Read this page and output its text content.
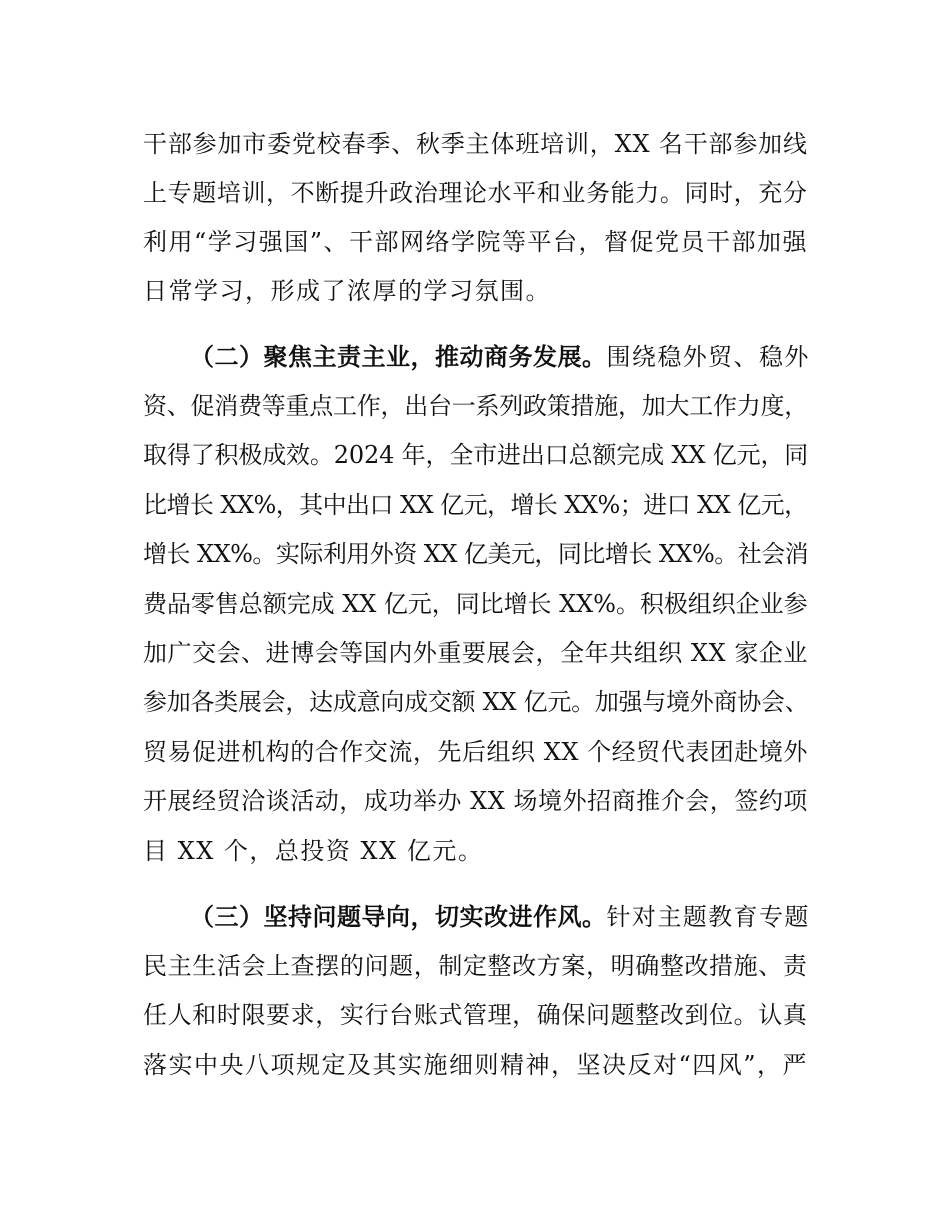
干部参加市委党校春季、秋季主体班培训，XX 名干部参加线
上专题培训，不断提升政治理论水平和业务能力。同时，充分
利用“学习强国”、干部网络学院等平台，督促党员干部加强
日常学习，形成了浓厚的学习氛围。
（二）聚焦主责主业，推动商务发展。围绕稳外贸、稳外
资、促消费等重点工作，出台一系列政策措施，加大工作力度，
取得了积极成效。2024 年，全市进出口总额完成 XX 亿元，同
比增长 XX%，其中出口 XX 亿元，增长 XX%；进口 XX 亿元，
增长 XX%。实际利用外资 XX 亿美元，同比增长 XX%。社会消
费品零售总额完成 XX 亿元，同比增长 XX%。积极组织企业参
加广交会、进博会等国内外重要展会，全年共组织 XX 家企业
参加各类展会，达成意向成交额 XX 亿元。加强与境外商协会、
贸易促进机构的合作交流，先后组织 XX 个经贸代表团赴境外
开展经贸洽谈活动，成功举办 XX 场境外招商推介会，签约项
目 XX 个，总投资 XX 亿元。
（三）坚持问题导向，切实改进作风。针对主题教育专题
民主生活会上查摆的问题，制定整改方案，明确整改措施、责
任人和时限要求，实行台账式管理，确保问题整改到位。认真
落实中央八项规定及其实施细则精神，坚决反对“四风”，严
